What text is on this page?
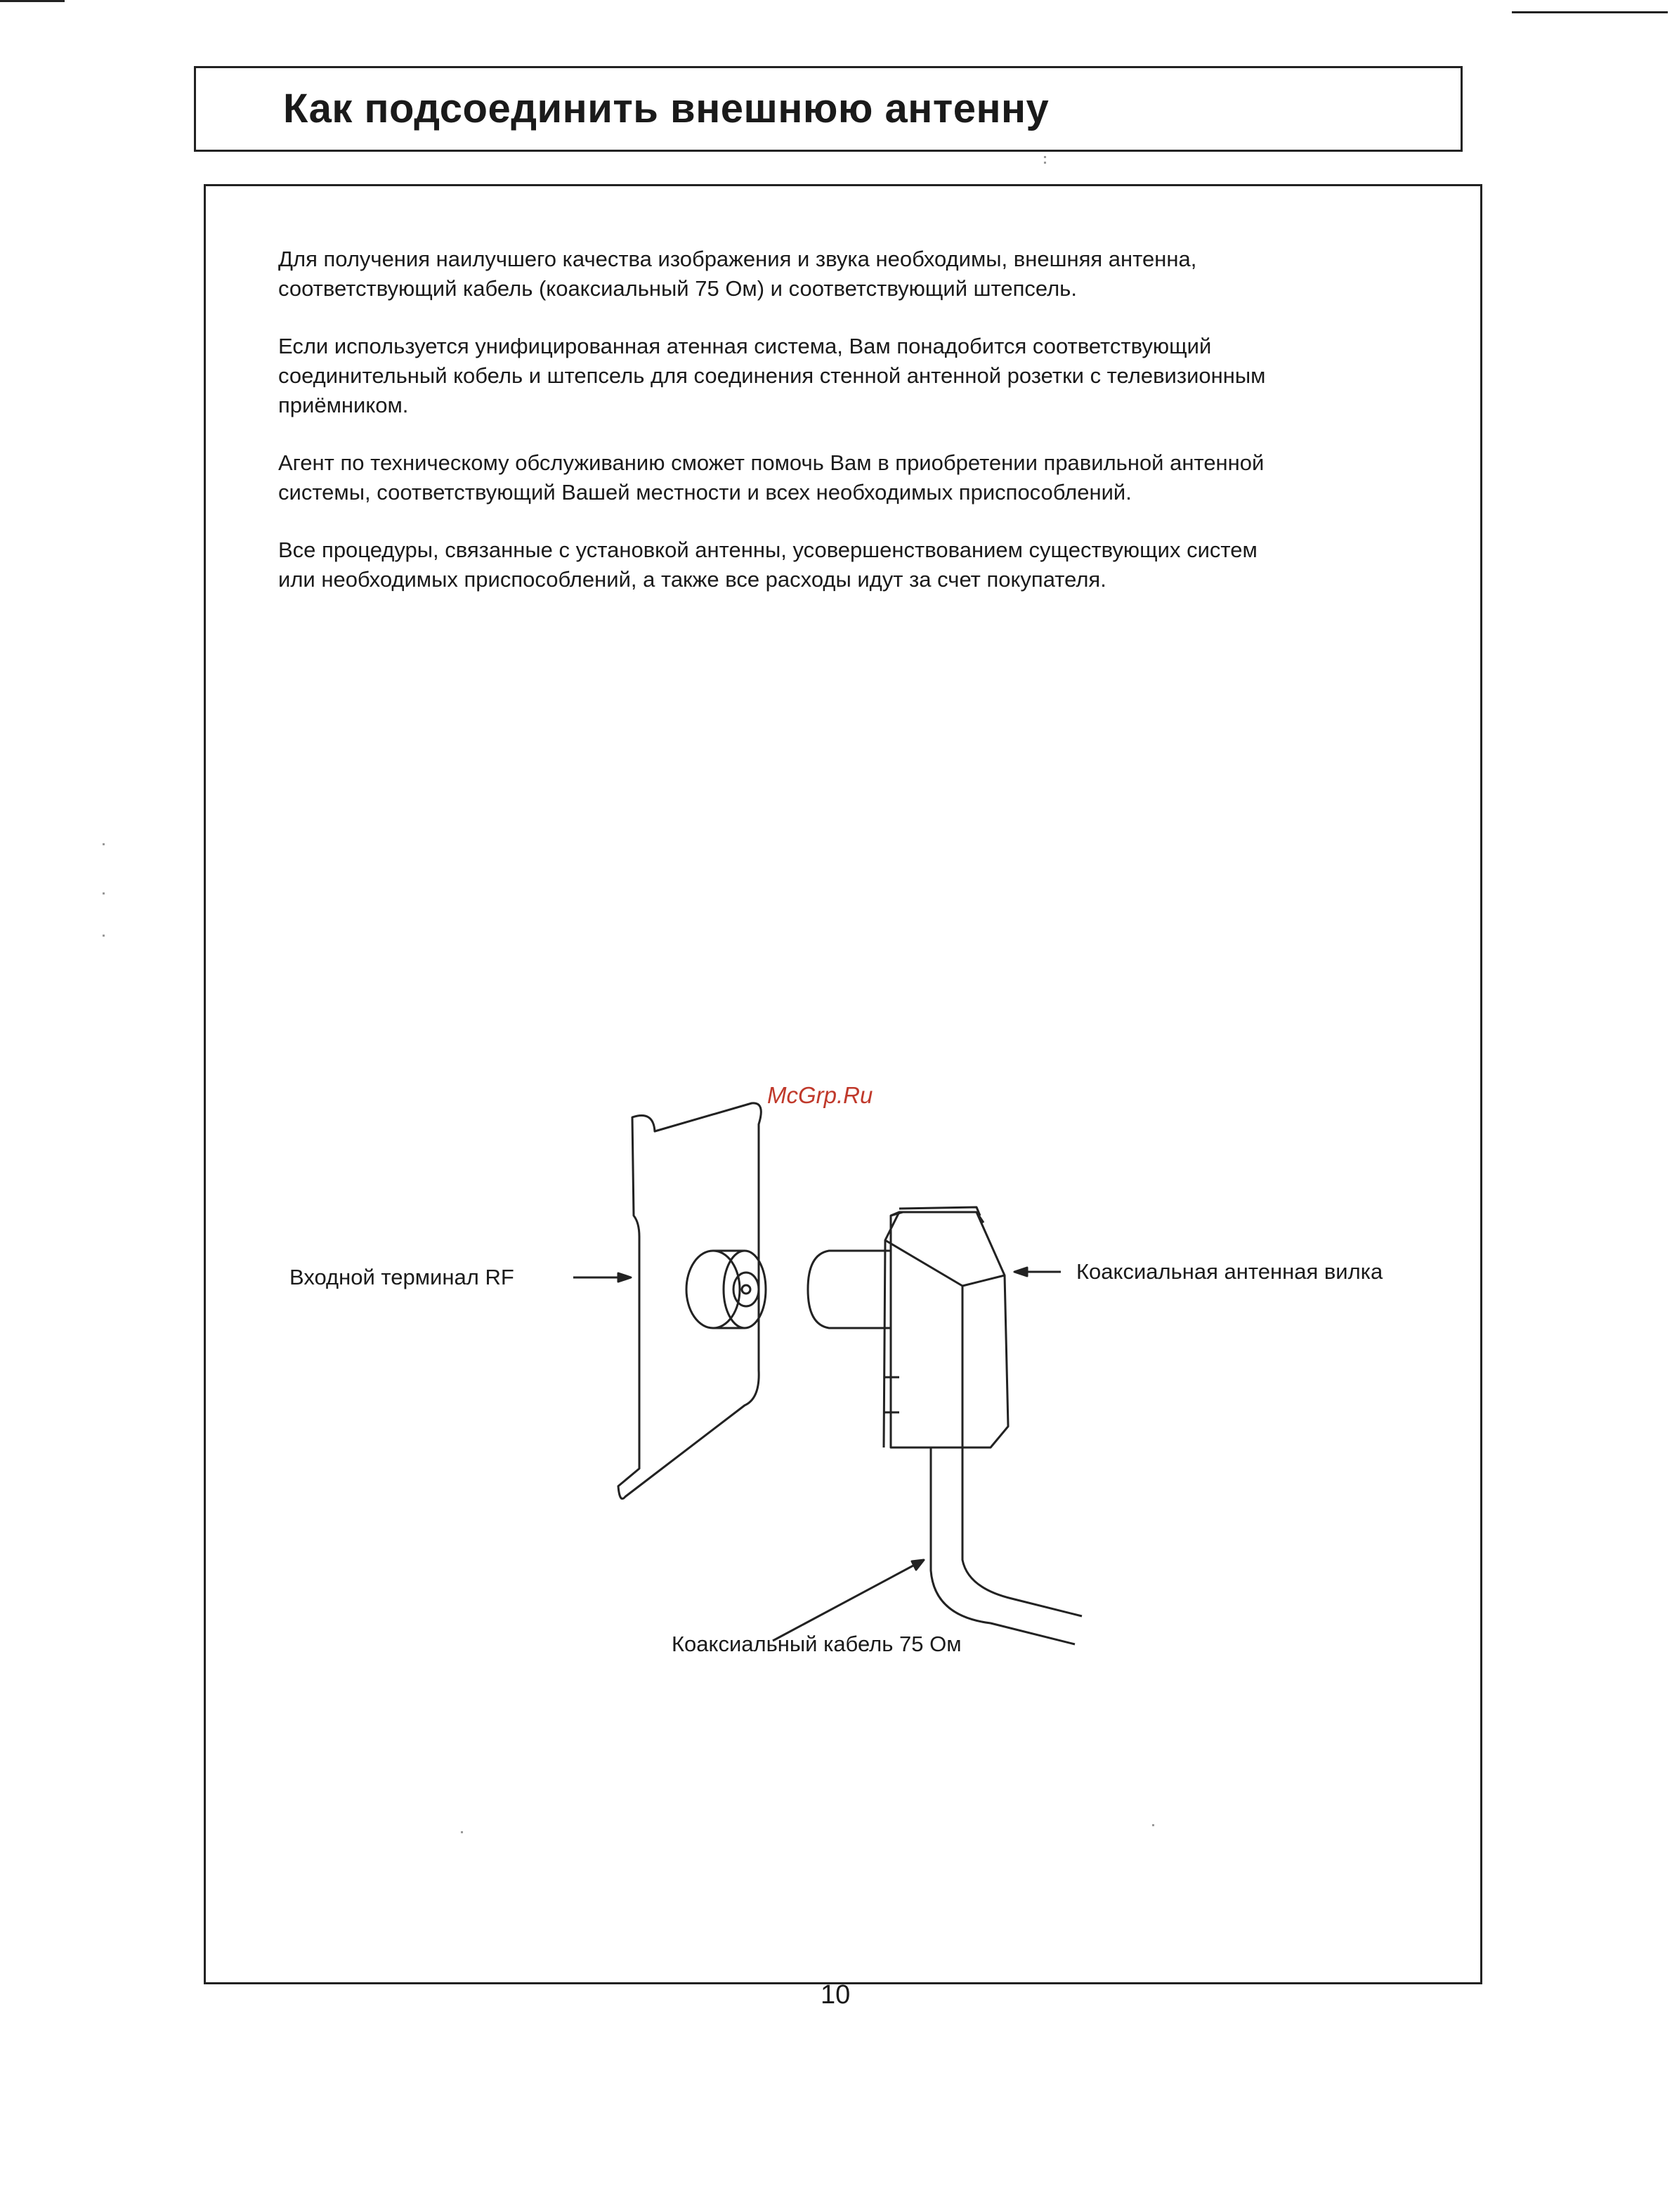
Как подсоединить внешнюю антенну

Для получения наилучшего качества изображения и звука необходимы, внешняя антенна,
соответствующий кабель (коаксиальный 75 Ом) и соответствующий штепсель.

Если используется унифицированная атенная система, Вам понадобится соответствующий
соединительный кобель и штепсель для соединения стенной антенной розетки с телевизионным
приёмником.

Агент по техническому обслуживанию сможет помочь Вам в приобретении правильной антенной
системы, соответствующий Вашей местности и всех необходимых приспособлений.

Все процедуры, связанные с установкой антенны, усовершенствованием существующих систем
или необходимых приспособлений, а также все расходы идут за счет покупателя.

McGrp.Ru
Входной терминал RF	Коаксиальная антенная вилка
Коаксиальный кабель 75 Ом
10
